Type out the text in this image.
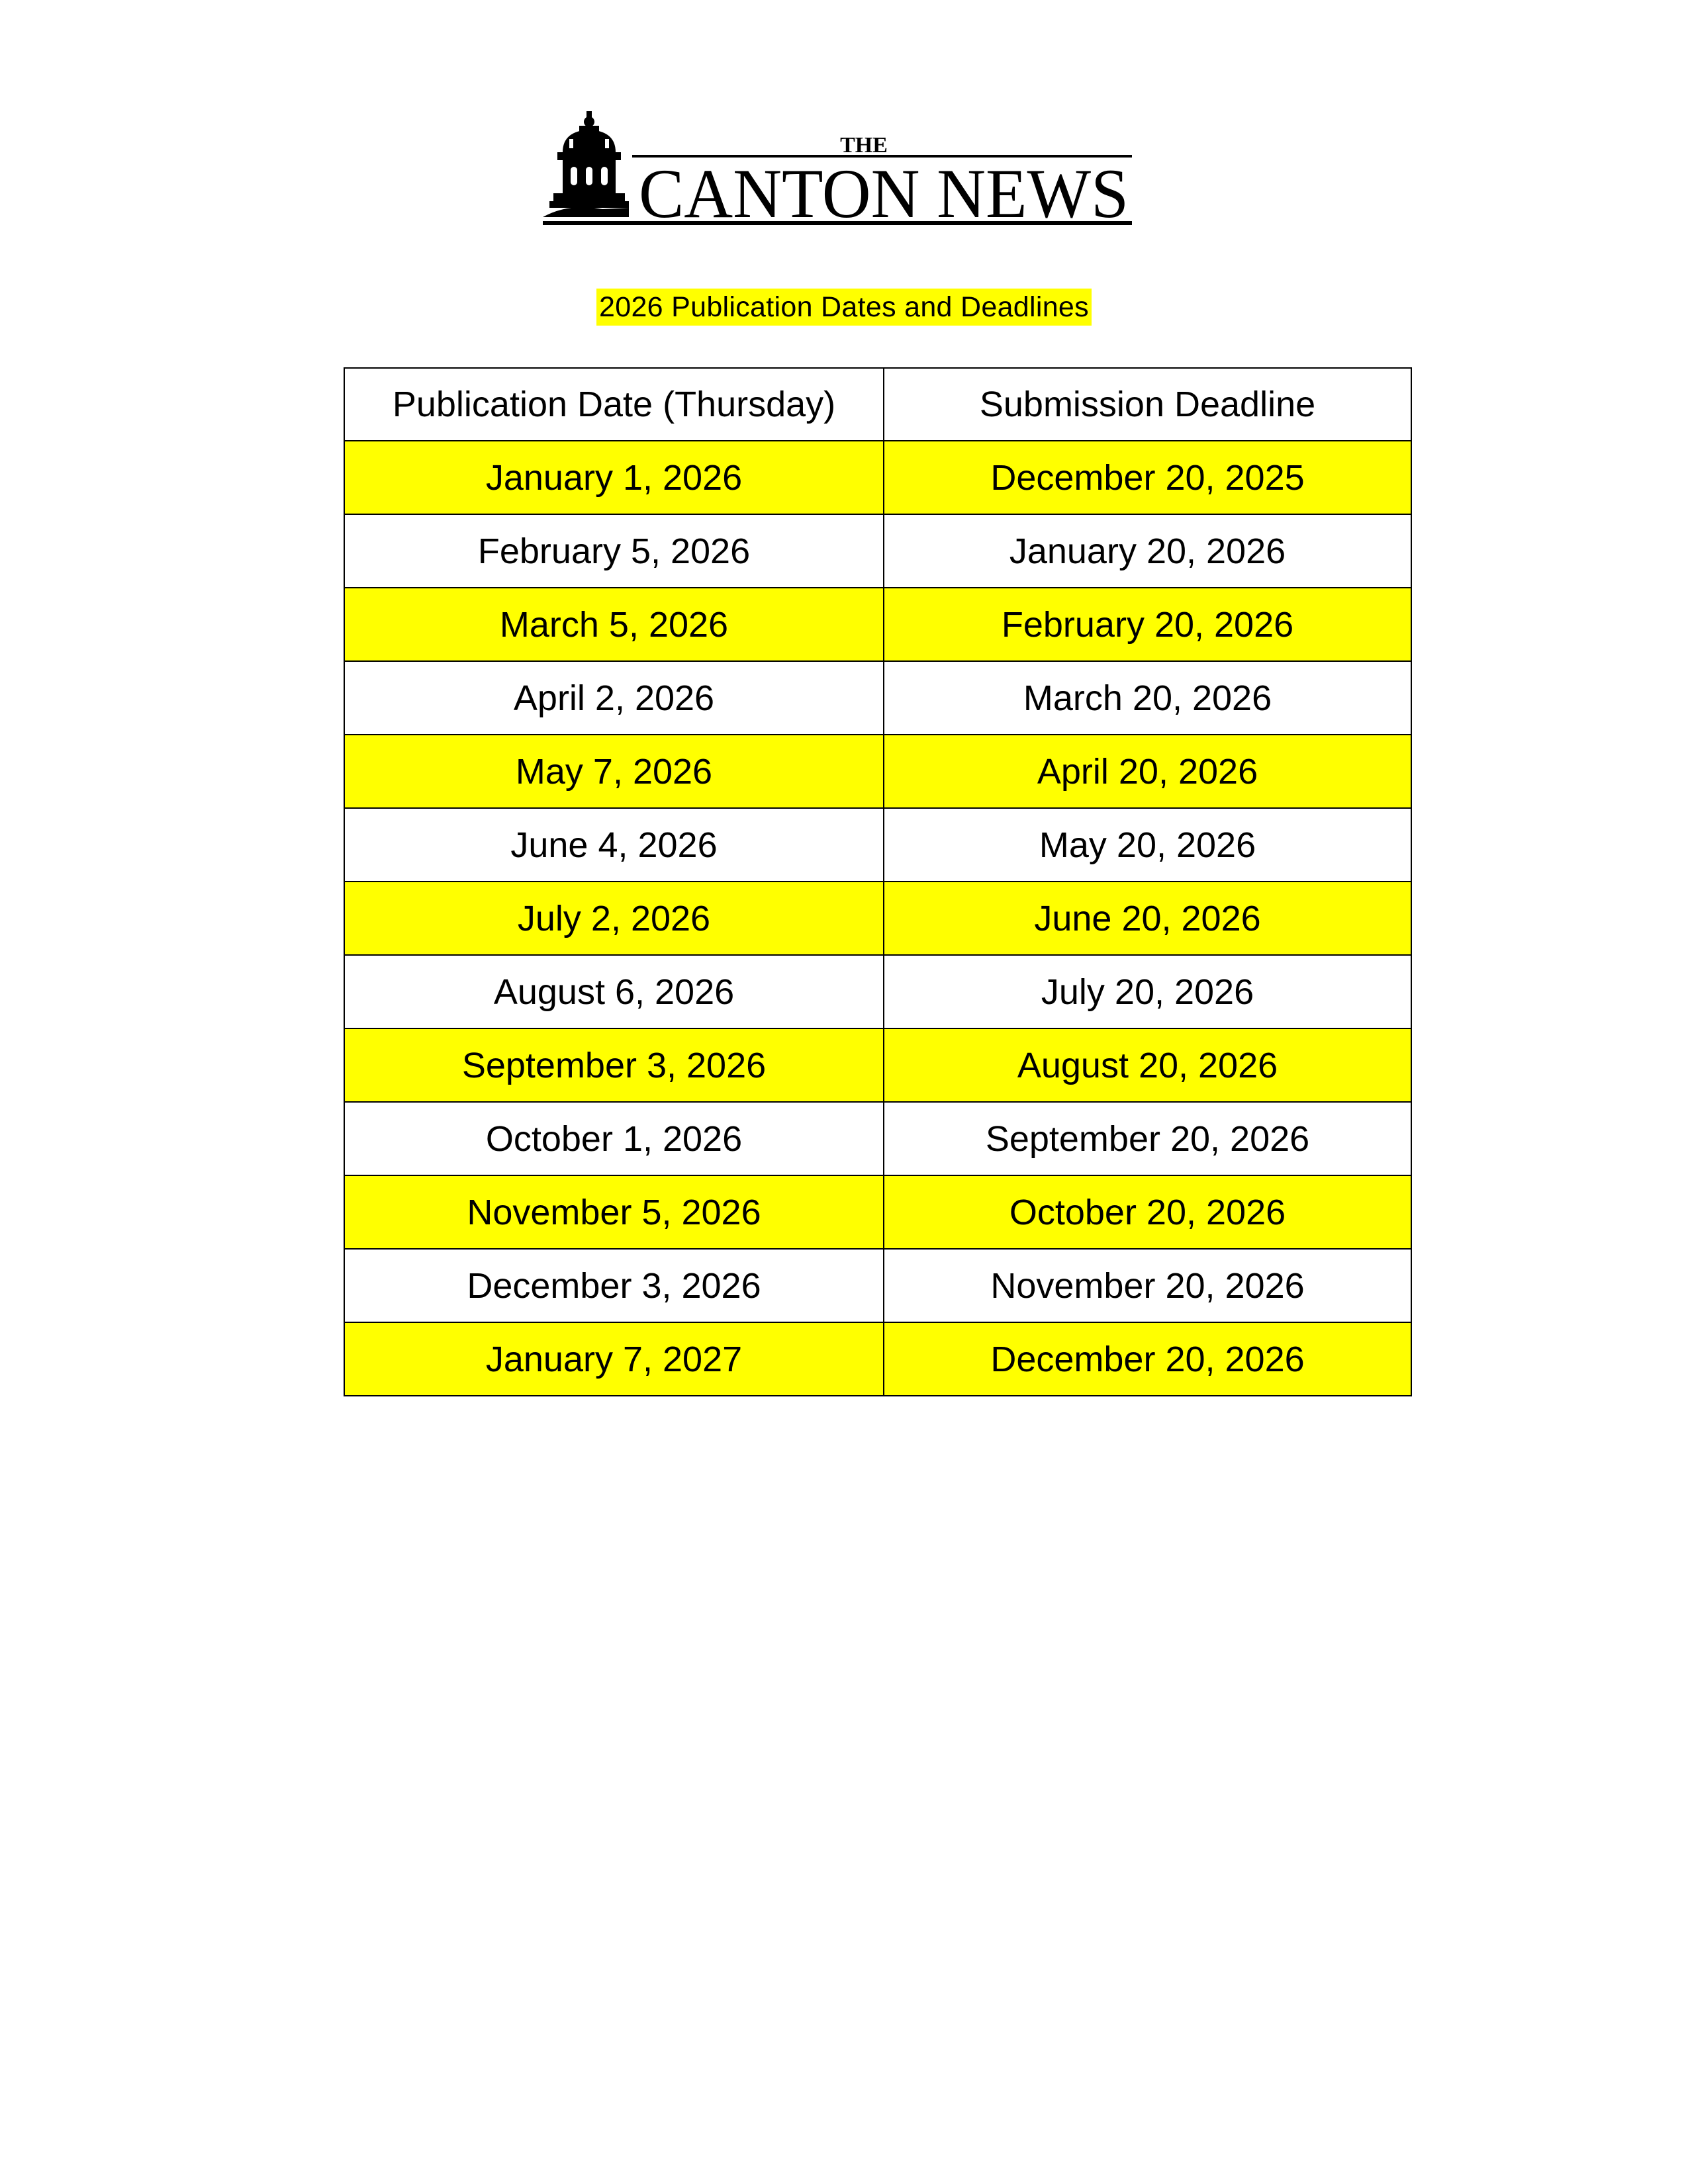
THE
CANTON NEWS
2026 Publication Dates and Deadlines
Publication Date (Thursday)	Submission Deadline
January 1, 2026	December 20, 2025
February 5, 2026	January 20, 2026
March 5, 2026	February 20, 2026
April 2, 2026	March 20, 2026
May 7, 2026	April 20, 2026
June 4, 2026	May 20, 2026
July 2, 2026	June 20, 2026
August 6, 2026	July 20, 2026
September 3, 2026	August 20, 2026
October 1, 2026	September 20, 2026
November 5, 2026	October 20, 2026
December 3, 2026	November 20, 2026
January 7, 2027	December 20, 2026
